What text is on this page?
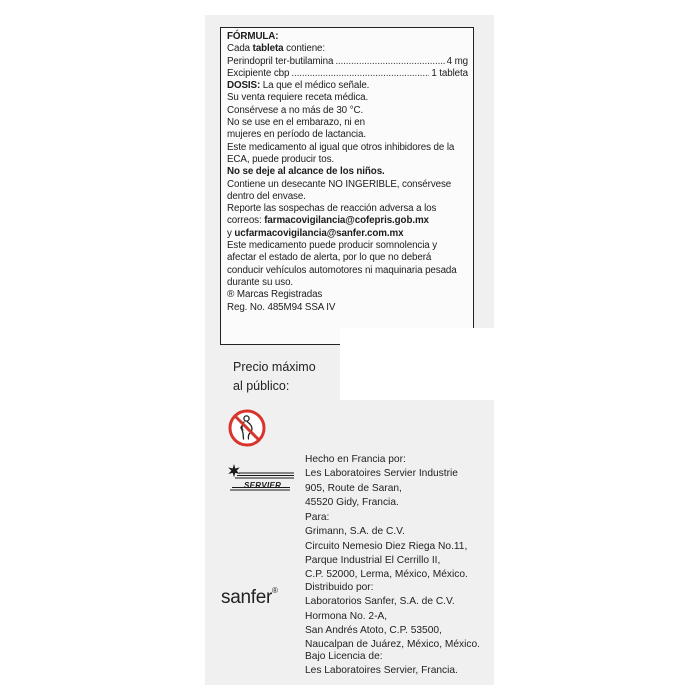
FÓRMULA:
Cada tableta contiene:
Perindopril ter-butilamina .....	4 mg
Excipiente cbp .....	1 tableta
DOSIS: La que el médico señale.
Su venta requiere receta médica.
Consérvese a no más de 30 °C.
No se use en el embarazo, ni en
mujeres en período de lactancia.
Este medicamento al igual que otros inhibidores de la
ECA, puede producir tos.
No se deje al alcance de los niños.
Contiene un desecante NO INGERIBLE, consérvese
dentro del envase.
Reporte las sospechas de reacción adversa a los
correos: farmacovigilancia@cofepris.gob.mx
y ucfarmacovigilancia@sanfer.com.mx
Este medicamento puede producir somnolencia y
afectar el estado de alerta, por lo que no deberá
conducir vehículos automotores ni maquinaria pesada
durante su uso.
® Marcas Registradas
Reg. No. 485M94 SSA IV
Precio máximo
al público:
SERVIER
sanfer®
Hecho en Francia por:
Les Laboratoires Servier Industrie
905, Route de Saran,
45520 Gidy, Francia.
Para:
Grimann, S.A. de C.V.
Circuito Nemesio Diez Riega No.11,
Parque Industrial El Cerrillo II,
C.P. 52000, Lerma, México, México.
Distribuido por:
Laboratorios Sanfer, S.A. de C.V.
Hormona No. 2-A,
San Andrés Atoto, C.P. 53500,
Naucalpan de Juárez, México, México.
Bajo Licencia de:
Les Laboratoires Servier, Francia.
